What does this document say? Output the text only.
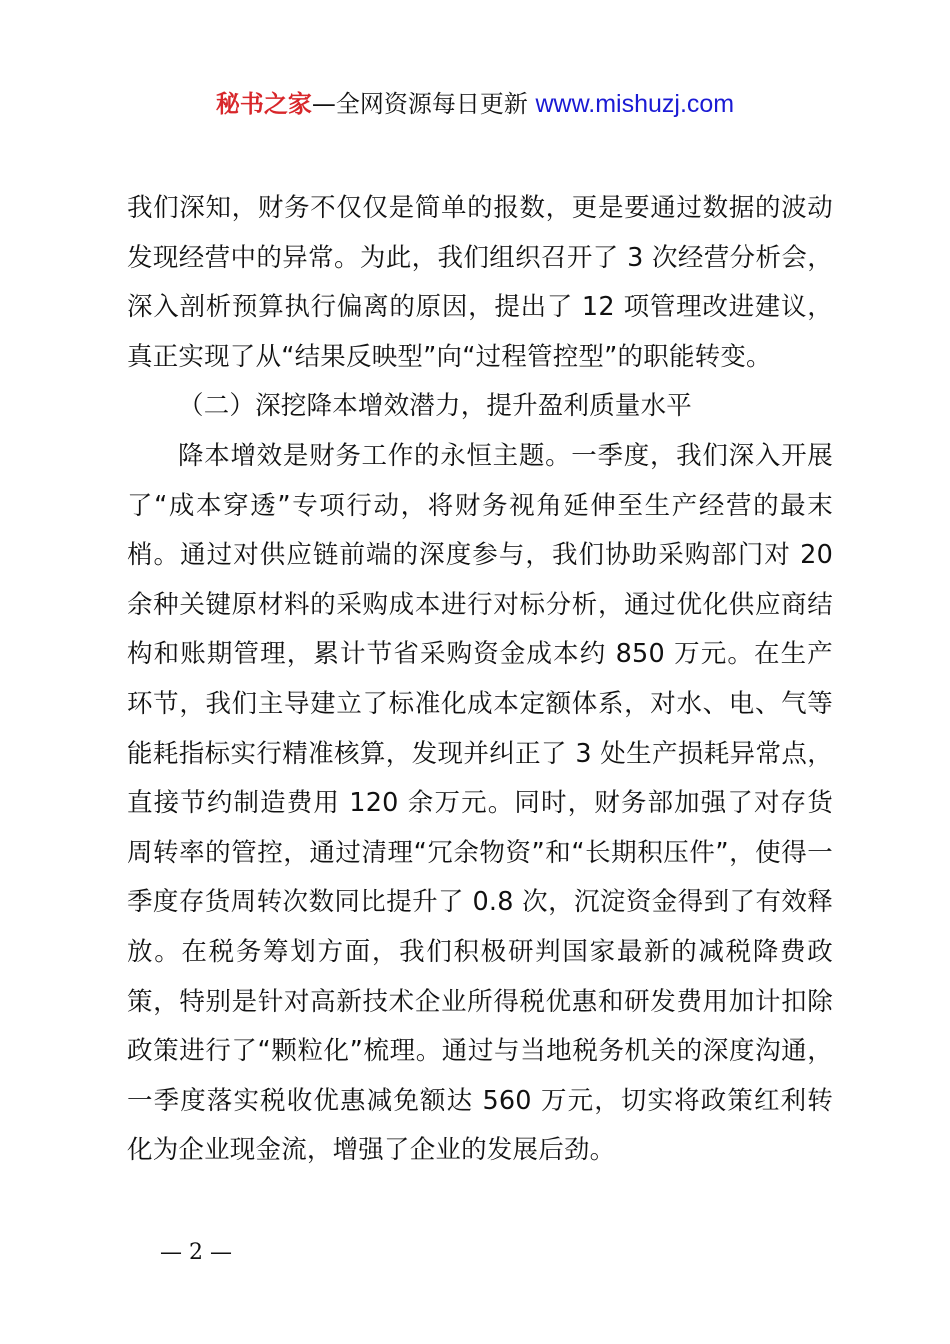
秘书之家—全网资源每日更新 www.mishuzj.com

我们深知，财务不仅仅是简单的报数，更是要通过数据的波动发现经营中的异常。为此，我们组织召开了 3 次经营分析会，深入剖析预算执行偏离的原因，提出了 12 项管理改进建议，真正实现了从“结果反映型”向“过程管控型”的职能转变。

（二）深挖降本增效潜力，提升盈利质量水平

降本增效是财务工作的永恒主题。一季度，我们深入开展了“成本穿透”专项行动，将财务视角延伸至生产经营的最末梢。通过对供应链前端的深度参与，我们协助采购部门对 20 余种关键原材料的采购成本进行对标分析，通过优化供应商结构和账期管理，累计节省采购资金成本约 850 万元。在生产环节，我们主导建立了标准化成本定额体系，对水、电、气等能耗指标实行精准核算，发现并纠正了 3 处生产损耗异常点，直接节约制造费用 120 余万元。同时，财务部加强了对存货周转率的管控，通过清理“冗余物资”和“长期积压件”，使得一季度存货周转次数同比提升了 0.8 次，沉淀资金得到了有效释放。在税务筹划方面，我们积极研判国家最新的减税降费政策，特别是针对高新技术企业所得税优惠和研发费用加计扣除政策进行了“颗粒化”梳理。通过与当地税务机关的深度沟通，一季度落实税收优惠减免额达 560 万元，切实将政策红利转化为企业现金流，增强了企业的发展后劲。

— 2 —
